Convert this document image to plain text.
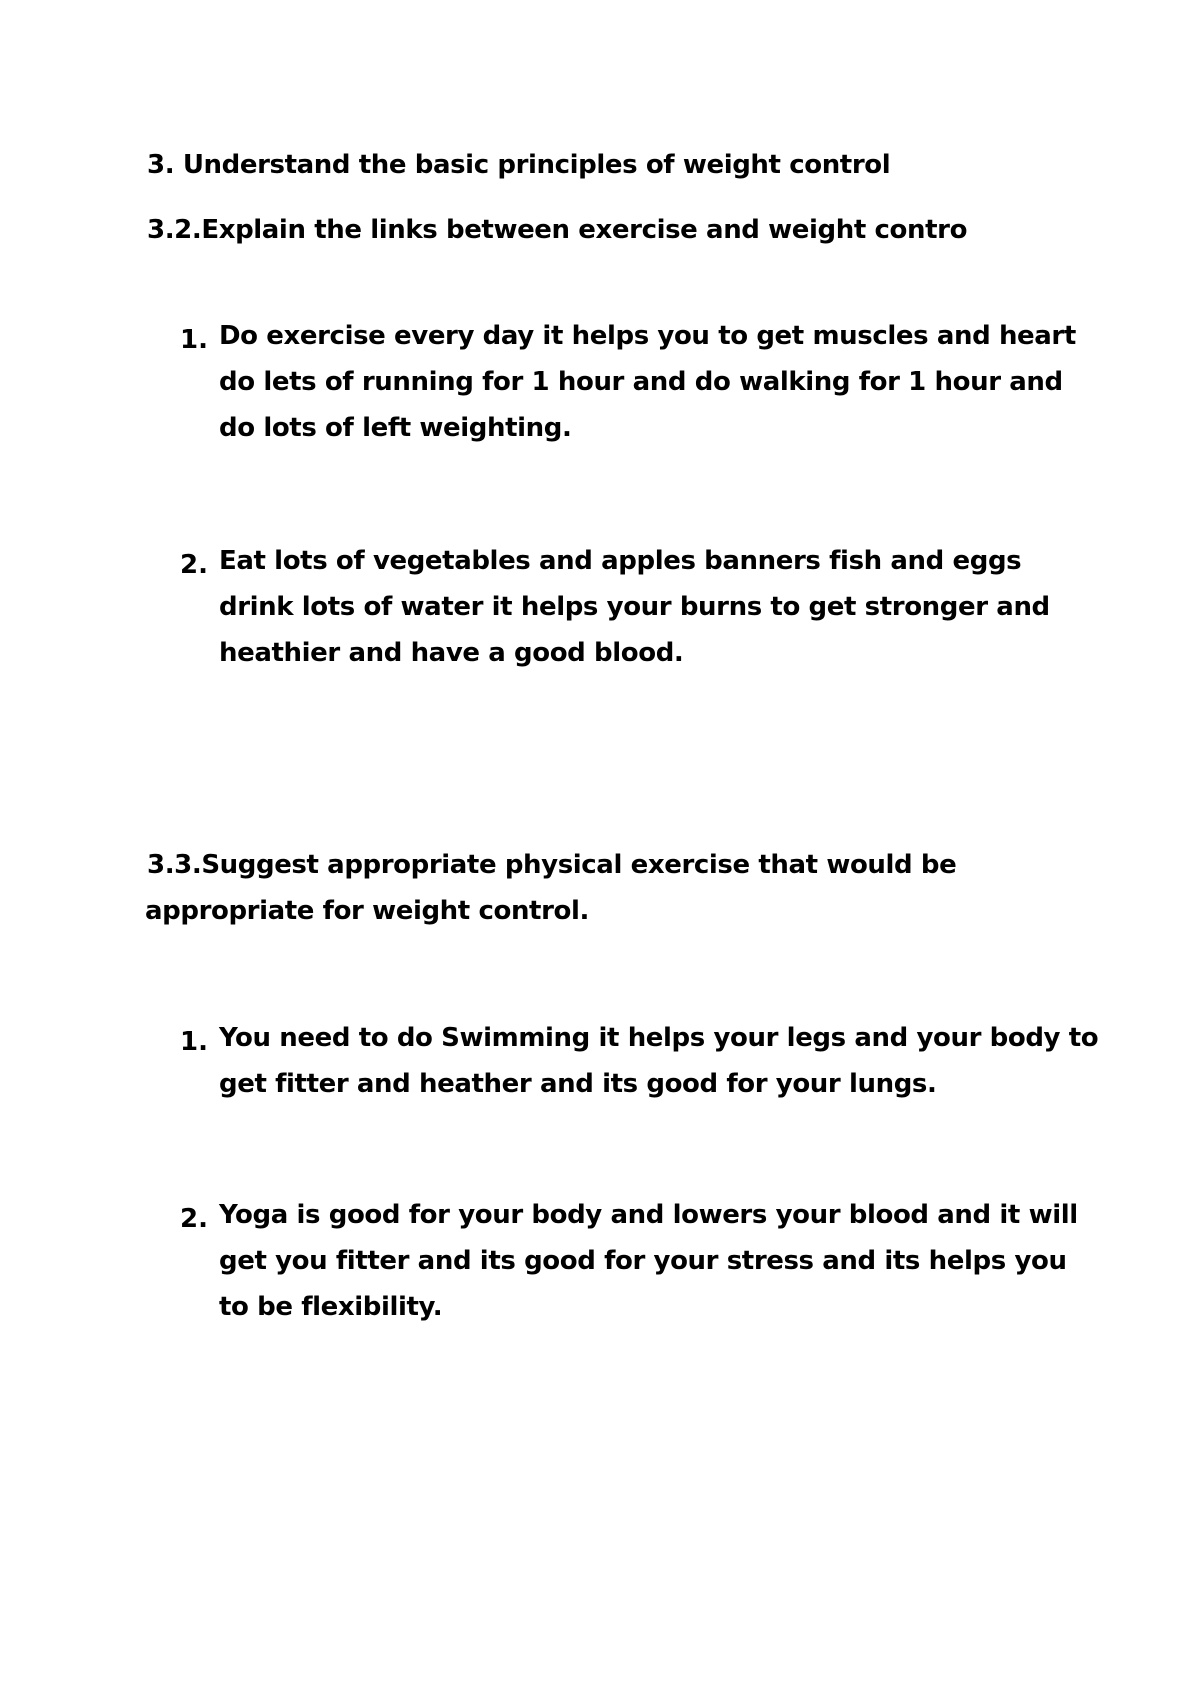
3. Understand the basic principles of weight control
3.2.Explain the links between exercise and weight contro
1. Do exercise every day it helps you to get muscles and heart do lets of running for 1 hour and do walking for 1 hour and do lots of left weighting.
2. Eat lots of vegetables and apples banners fish and eggs drink lots of water it helps your burns to get stronger and heathier and have a good blood.
3.3.Suggest appropriate physical exercise that would be
appropriate for weight control.
1. You need to do Swimming it helps your legs and your body to get fitter and heather and its good for your lungs.
2. Yoga is good for your body and lowers your blood and it will get you fitter and its good for your stress and its helps you to be flexibility.
